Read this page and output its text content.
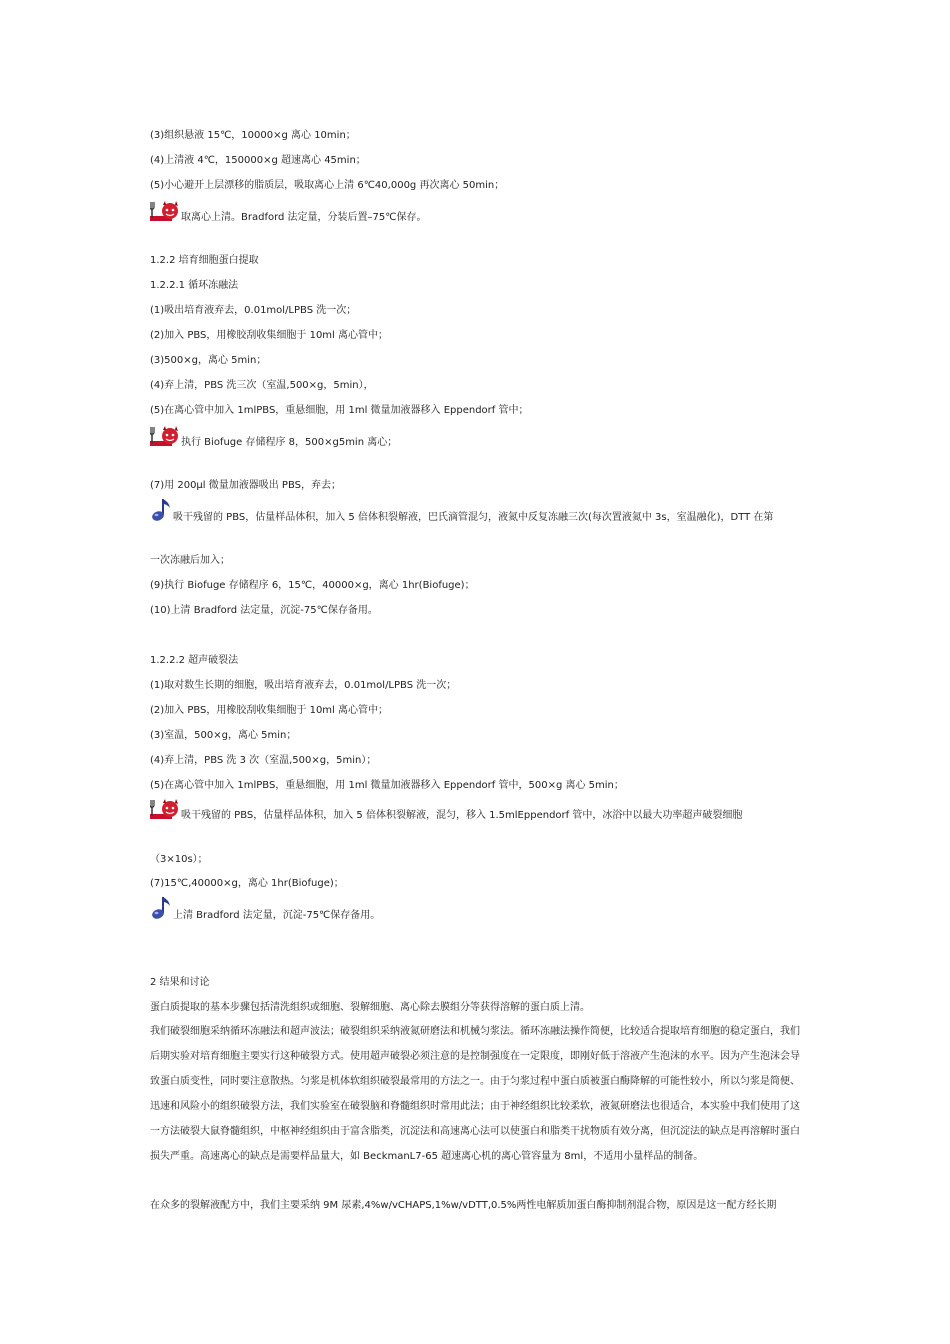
(3)组织悬液 15℃，10000×g 离心 10min；
(4)上清液 4℃，150000×g 超速离心 45min；
(5)小心避开上层漂移的脂质层，吸取离心上清 6℃40,000g 再次离心 50min；
取离心上清。Bradford 法定量，分装后置–75℃保存。
1.2.2 培育细胞蛋白提取
1.2.2.1 循环冻融法
(1)吸出培育液弃去，0.01mol/LPBS 洗一次；
(2)加入 PBS，用橡胶刮收集细胞于 10ml 离心管中；
(3)500×g，离心 5min；
(4)弃上清，PBS 洗三次（室温,500×g，5min），
(5)在离心管中加入 1mlPBS，重悬细胞，用 1ml 微量加液器移入 Eppendorf 管中；
执行 Biofuge 存储程序 8，500×g5min 离心；
(7)用 200μl 微量加液器吸出 PBS，弃去；
吸干残留的 PBS，估量样品体积，加入 5 倍体积裂解液，巴氏滴管混匀，液氮中反复冻融三次(每次置液氮中 3s，室温融化)，DTT 在第
一次冻融后加入；
(9)执行 Biofuge 存储程序 6，15℃，40000×g，离心 1hr(Biofuge)；
(10)上清 Bradford 法定量，沉淀-75℃保存备用。
1.2.2.2 超声破裂法
(1)取对数生长期的细胞，吸出培育液弃去，0.01mol/LPBS 洗一次；
(2)加入 PBS，用橡胶刮收集细胞于 10ml 离心管中；
(3)室温，500×g，离心 5min；
(4)弃上清，PBS 洗 3 次（室温,500×g，5min）；
(5)在离心管中加入 1mlPBS，重悬细胞，用 1ml 微量加液器移入 Eppendorf 管中，500×g 离心 5min；
吸干残留的 PBS，估量样品体积，加入 5 倍体积裂解液，混匀，移入 1.5mlEppendorf 管中，冰浴中以最大功率超声破裂细胞
（3×10s）；
(7)15℃,40000×g，离心 1hr(Biofuge)；
上清 Bradford 法定量，沉淀-75℃保存备用。
2 结果和讨论
蛋白质提取的基本步骤包括清洗组织或细胞、裂解细胞、离心除去膜组分等获得溶解的蛋白质上清。

我们破裂细胞采纳循环冻融法和超声波法；破裂组织采纳液氮研磨法和机械匀浆法。循环冻融法操作简便，比较适合提取培育细胞的稳定蛋白，我们后期实验对培育细胞主要实行这种破裂方式。使用超声破裂必须注意的是控制强度在一定限度，即刚好低于溶液产生泡沫的水平。因为产生泡沫会导致蛋白质变性，同时要注意散热。匀浆是机体软组织破裂最常用的方法之一。由于匀浆过程中蛋白质被蛋白酶降解的可能性较小，所以匀浆是简便、迅速和风险小的组织破裂方法，我们实验室在破裂脑和脊髓组织时常用此法；由于神经组织比较柔软，液氮研磨法也很适合，本实验中我们使用了这一方法破裂大鼠脊髓组织，中枢神经组织由于富含脂类，沉淀法和高速离心法可以使蛋白和脂类干扰物质有效分离，但沉淀法的缺点是再溶解时蛋白损失严重。高速离心的缺点是需要样品量大，如 BeckmanL7-65 超速离心机的离心管容量为 8ml，不适用小量样品的制备。

在众多的裂解液配方中，我们主要采纳 9M 尿素,4%w/vCHAPS,1%w/vDTT,0.5%两性电解质加蛋白酶抑制剂混合物，原因是这一配方经长期
